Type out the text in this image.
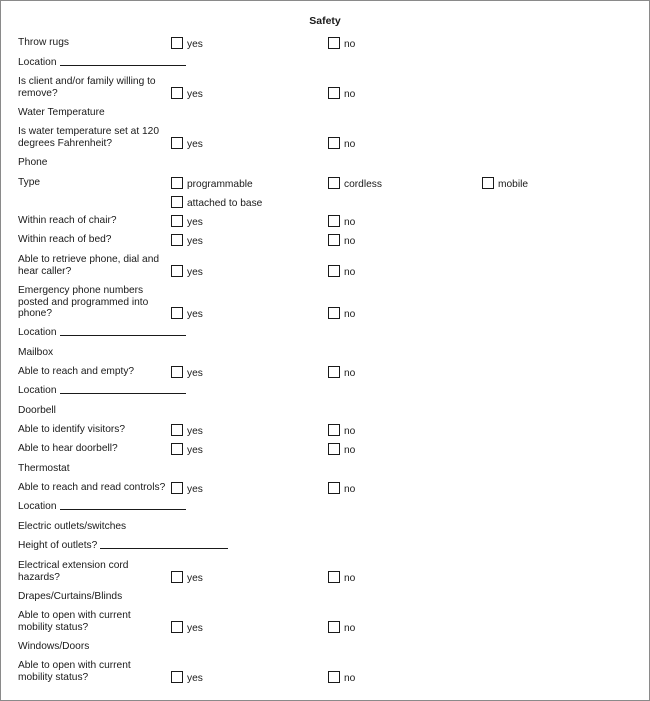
Safety
Throw rugs	yes	no
Location
Is client and/or family willing to remove?	yes	no
Water Temperature
Is water temperature set at 120 degrees Fahrenheit?	yes	no
Phone
Type	programmable	cordless	mobile
attached to base
Within reach of chair?	yes	no
Within reach of bed?	yes	no
Able to retrieve phone, dial and hear caller?	yes	no
Emergency phone numbers posted and programmed into phone?	yes	no
Location
Mailbox
Able to reach and empty?	yes	no
Location
Doorbell
Able to identify visitors?	yes	no
Able to hear doorbell?	yes	no
Thermostat
Able to reach and read controls?	yes	no
Location
Electric outlets/switches
Height of outlets?
Electrical extension cord hazards?	yes	no
Drapes/Curtains/Blinds
Able to open with current mobility status?	yes	no
Windows/Doors
Able to open with current mobility status?	yes	no
